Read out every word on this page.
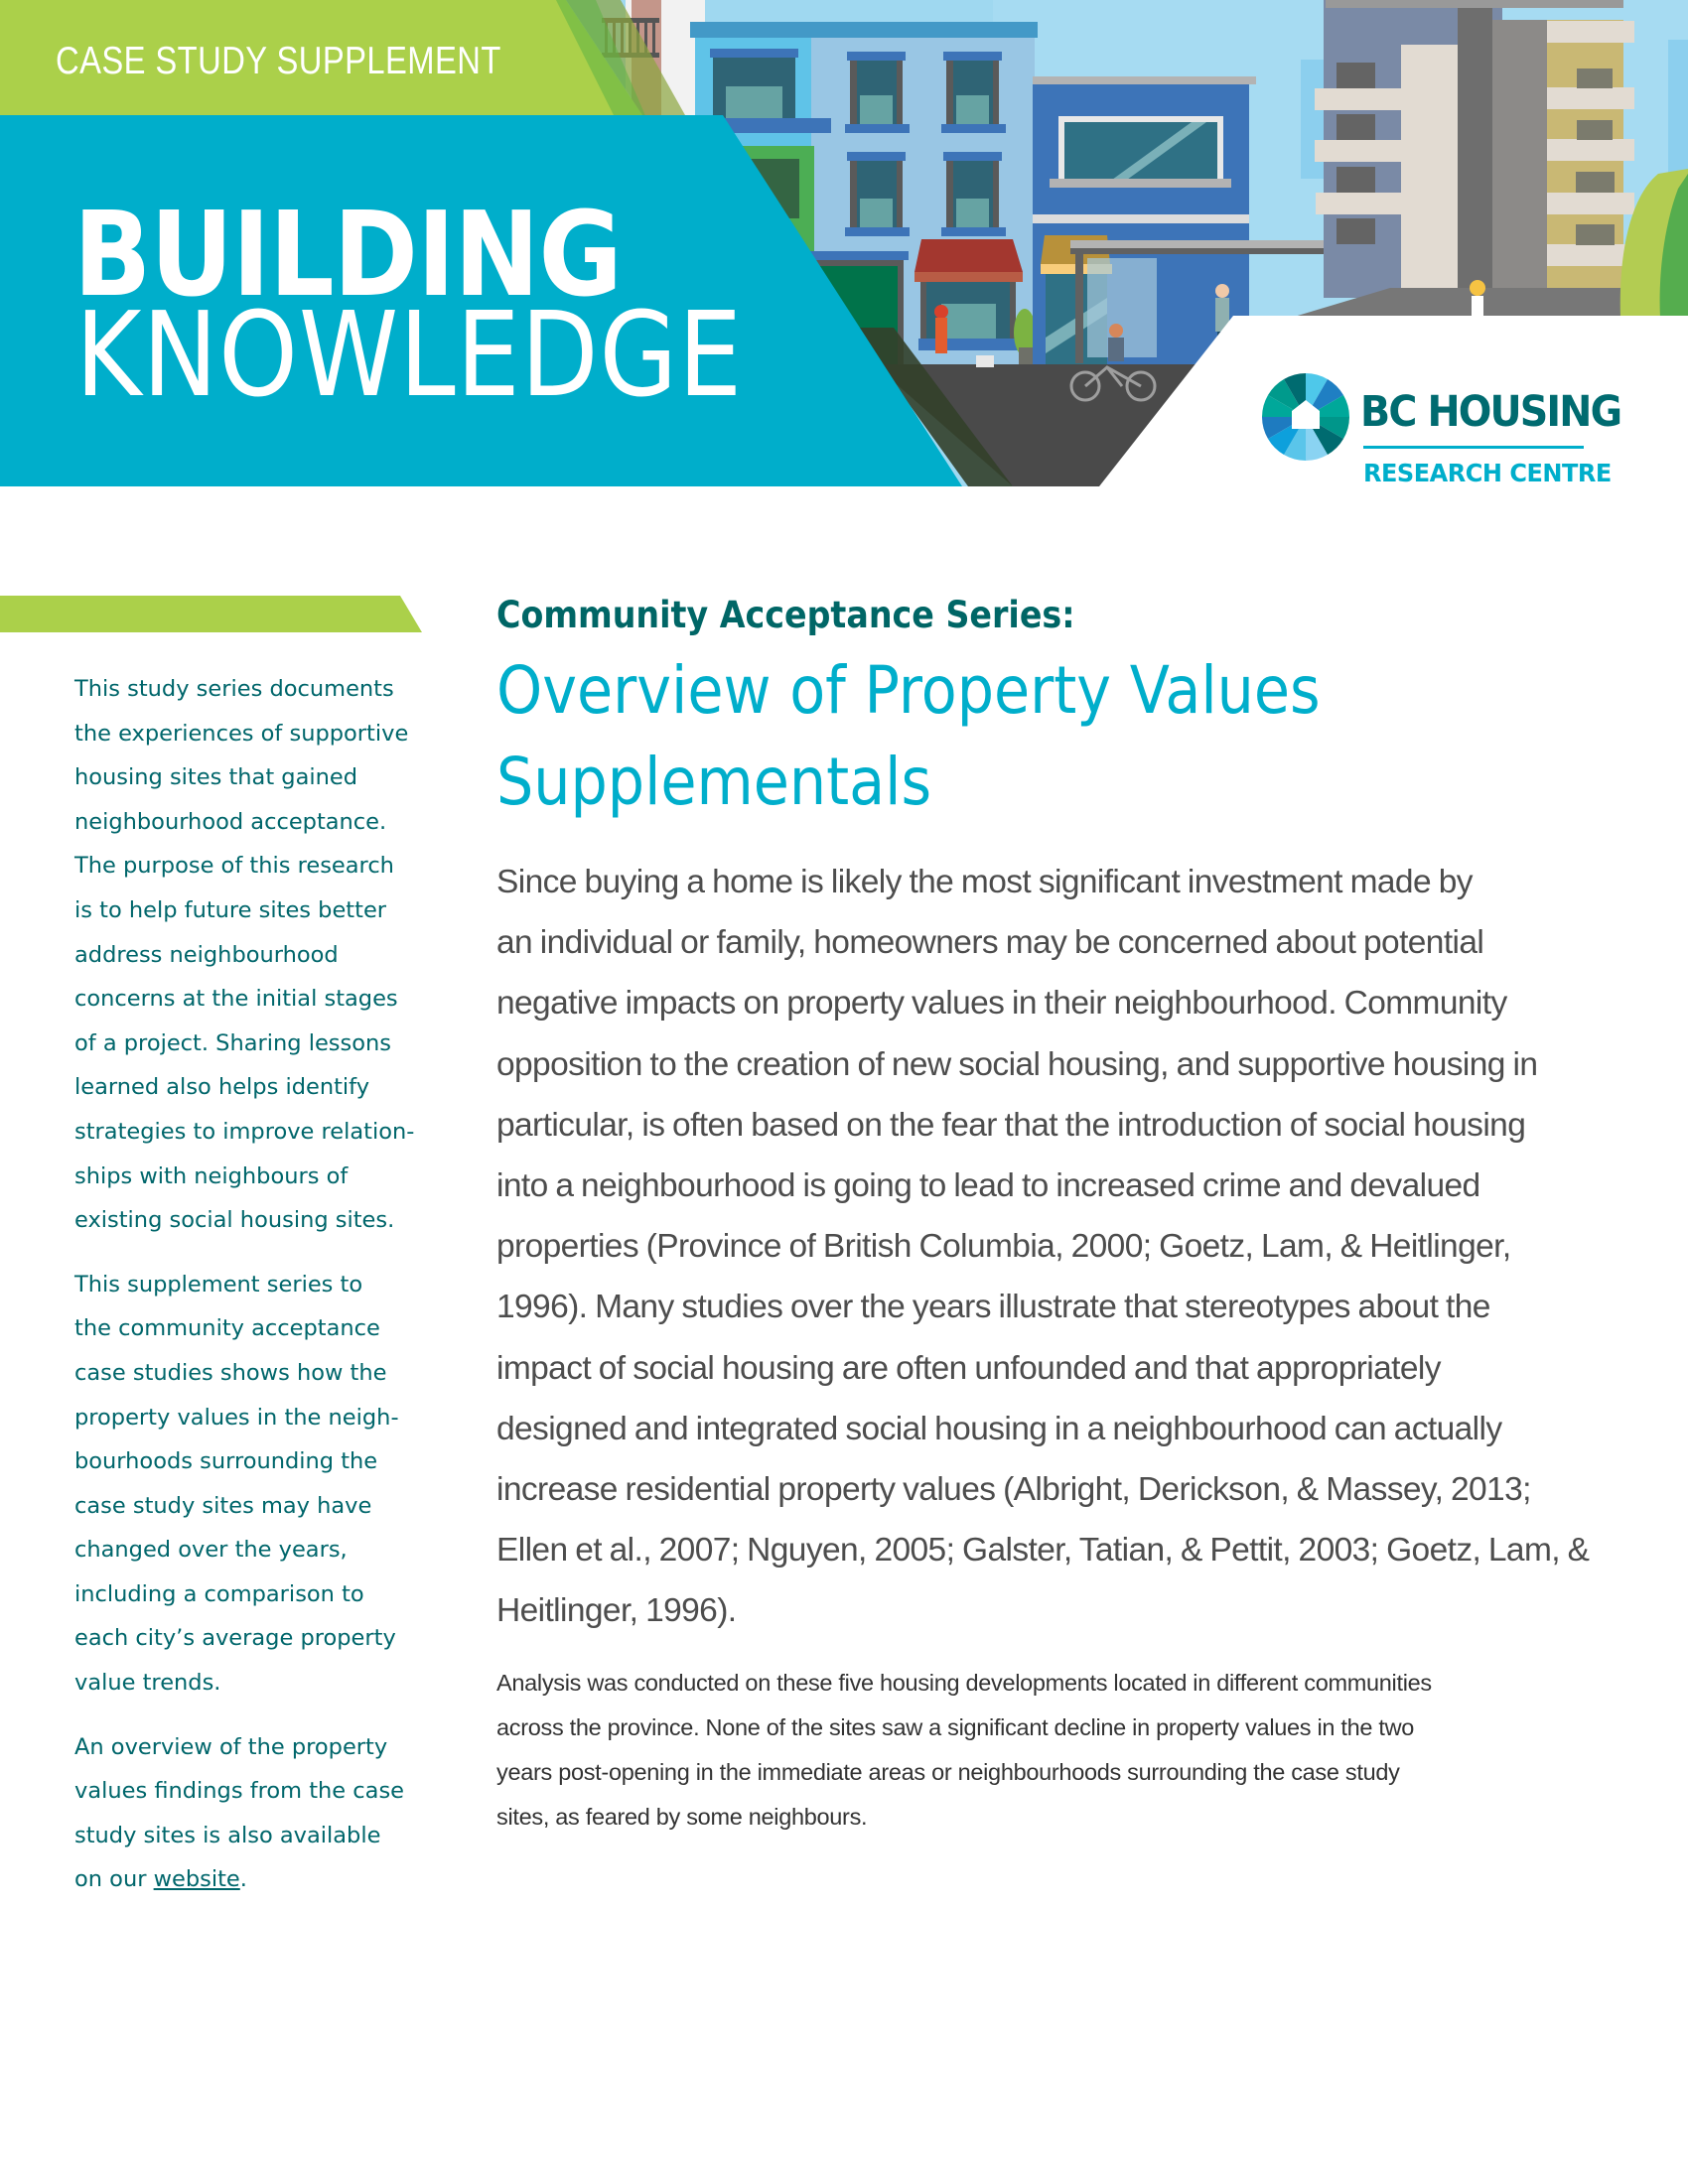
CASE STUDY SUPPLEMENT
BUILDING
KNOWLEDGE	BC HOUSING
RESEARCH CENTRE

This study series documents
the experiences of supportive
housing sites that gained
neighbourhood acceptance.
The purpose of this research
is to help future sites better
address neighbourhood
concerns at the initial stages
of a project. Sharing lessons
learned also helps identify
strategies to improve relation-
ships with neighbours of
existing social housing sites.

This supplement series to
the community acceptance
case studies shows how the
property values in the neigh-
bourhoods surrounding the
case study sites may have
changed over the years,
including a comparison to
each city’s average property
value trends.

An overview of the property
values findings from the case
study sites is also available
on our website.

Community Acceptance Series:
Overview of Property Values
Supplementals
Since buying a home is likely the most significant investment made by
an individual or family, homeowners may be concerned about potential
negative impacts on property values in their neighbourhood. Community
opposition to the creation of new social housing, and supportive housing in
particular, is often based on the fear that the introduction of social housing
into a neighbourhood is going to lead to increased crime and devalued
properties (Province of British Columbia, 2000; Goetz, Lam, & Heitlinger,
1996). Many studies over the years illustrate that stereotypes about the
impact of social housing are often unfounded and that appropriately
designed and integrated social housing in a neighbourhood can actually
increase residential property values (Albright, Derickson, & Massey, 2013;
Ellen et al., 2007; Nguyen, 2005; Galster, Tatian, & Pettit, 2003; Goetz, Lam, &
Heitlinger, 1996).
Analysis was conducted on these five housing developments located in different communities
across the province. None of the sites saw a significant decline in property values in the two
years post-opening in the immediate areas or neighbourhoods surrounding the case study
sites, as feared by some neighbours.
